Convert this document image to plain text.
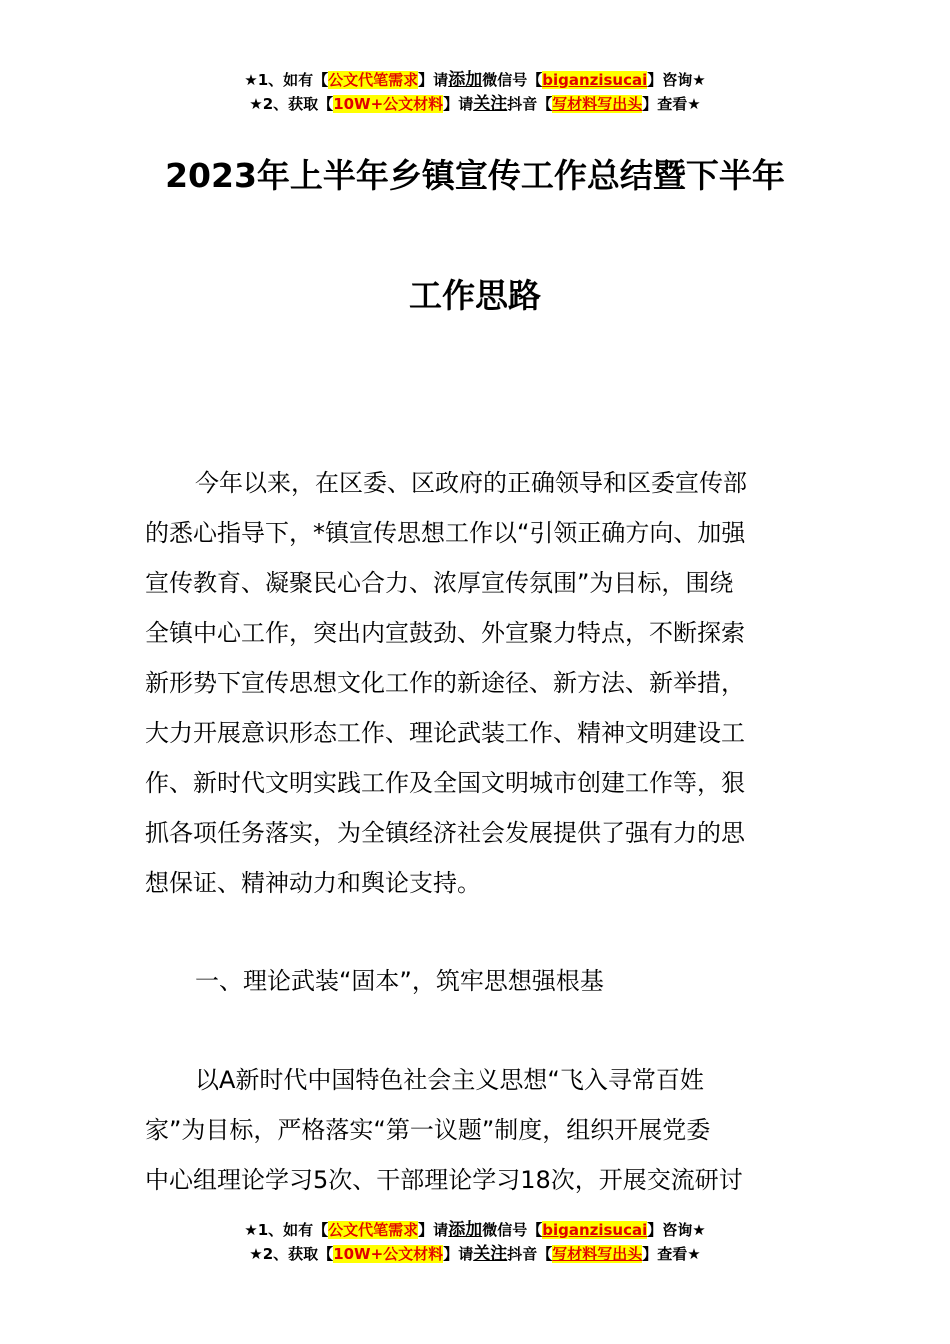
★1、如有【公文代笔需求】请添加微信号【biganzisucai】咨询★
★2、获取【10W+公文材料】请关注抖音【写材料写出头】查看★
2023年上半年乡镇宣传工作总结暨下半年
工作思路
今年以来，在区委、区政府的正确领导和区委宣传部
的悉心指导下，*镇宣传思想工作以“引领正确方向、加强
宣传教育、凝聚民心合力、浓厚宣传氛围”为目标，围绕
全镇中心工作，突出内宣鼓劲、外宣聚力特点，不断探索
新形势下宣传思想文化工作的新途径、新方法、新举措，
大力开展意识形态工作、理论武装工作、精神文明建设工
作、新时代文明实践工作及全国文明城市创建工作等，狠
抓各项任务落实，为全镇经济社会发展提供了强有力的思
想保证、精神动力和舆论支持。
一、理论武装“固本”，筑牢思想强根基
以A新时代中国特色社会主义思想“飞入寻常百姓
家”为目标，严格落实“第一议题”制度，组织开展党委
中心组理论学习5次、干部理论学习18次，开展交流研讨
★1、如有【公文代笔需求】请添加微信号【biganzisucai】咨询★
★2、获取【10W+公文材料】请关注抖音【写材料写出头】查看★
